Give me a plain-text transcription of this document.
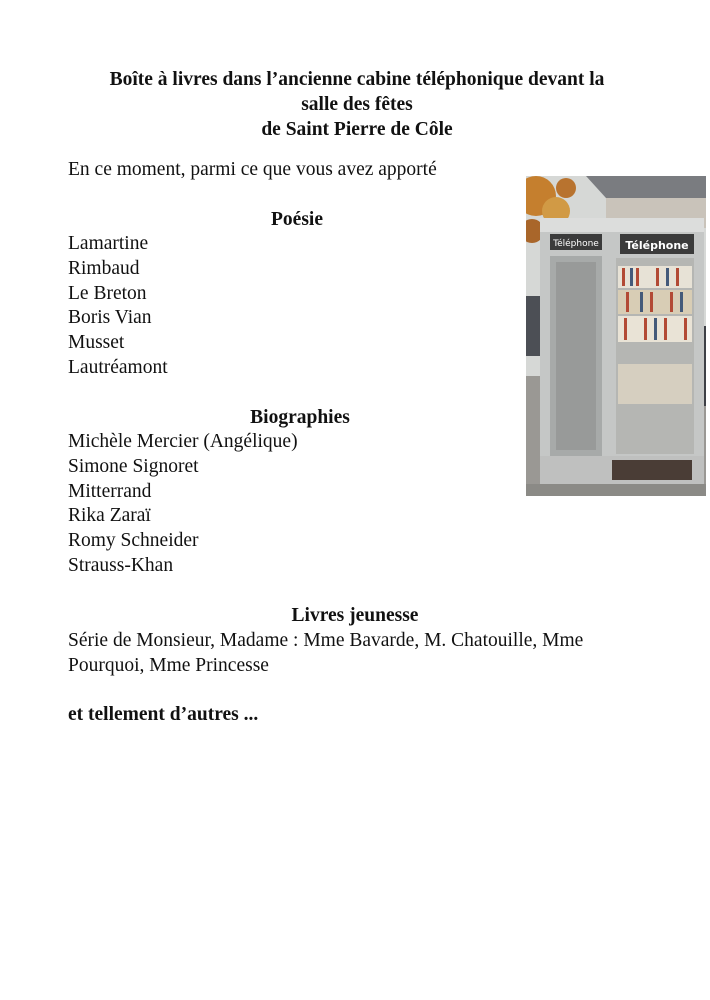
Boîte à livres dans l’ancienne cabine téléphonique devant la
salle des fêtes
de Saint Pierre de Côle
En ce moment, parmi ce que vous avez apporté
Poésie
Lamartine
Rimbaud
Le Breton
Boris Vian
Musset
Lautréamont
Biographies
Michèle Mercier (Angélique)
Simone Signoret
Mitterrand
Rika Zaraï
Romy Schneider
Strauss-Khan
Livres jeunesse
Série de Monsieur, Madame : Mme Bavarde, M. Chatouille, Mme
Pourquoi, Mme Princesse
et tellement d’autres ...
Téléphone Téléphone
